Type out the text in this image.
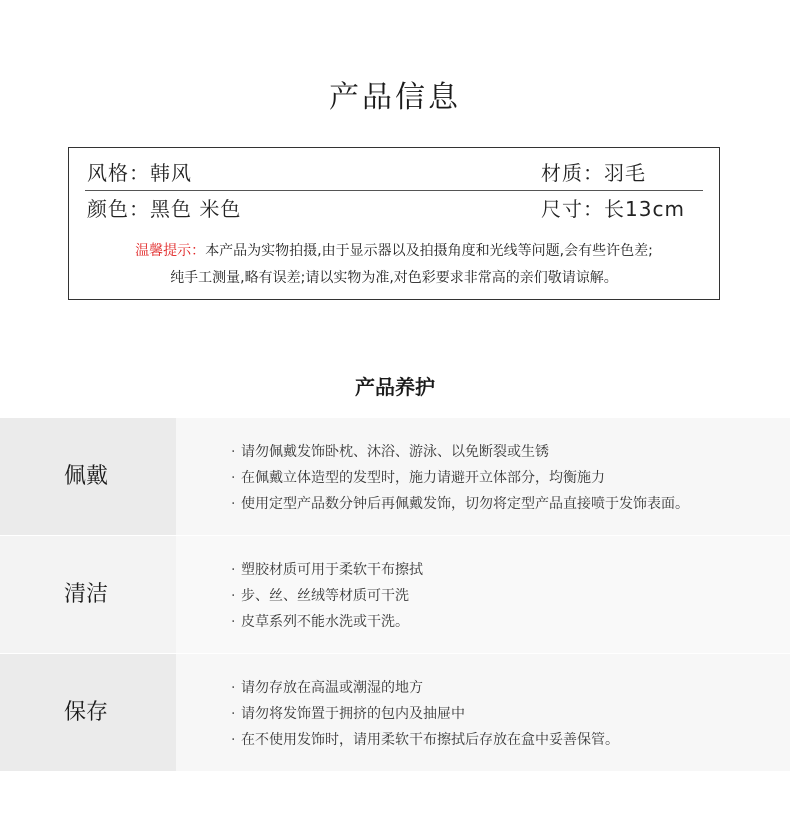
产品信息
风格：韩风	材质：羽毛
颜色：黑色 米色	尺寸：长13cm
温馨提示：本产品为实物拍摄,由于显示器以及拍摄角度和光线等问题,会有些许色差;
纯手工测量,略有误差;请以实物为准,对色彩要求非常高的亲们敬请谅解。
产品养护
佩戴
· 请勿佩戴发饰卧枕、沐浴、游泳、以免断裂或生锈
· 在佩戴立体造型的发型时，施力请避开立体部分，均衡施力
· 使用定型产品数分钟后再佩戴发饰，切勿将定型产品直接喷于发饰表面。
清洁
· 塑胶材质可用于柔软干布擦拭
· 步、丝、丝绒等材质可干洗
· 皮草系列不能水洗或干洗。
保存
· 请勿存放在高温或潮湿的地方
· 请勿将发饰置于拥挤的包内及抽屉中
· 在不使用发饰时，请用柔软干布擦拭后存放在盒中妥善保管。
